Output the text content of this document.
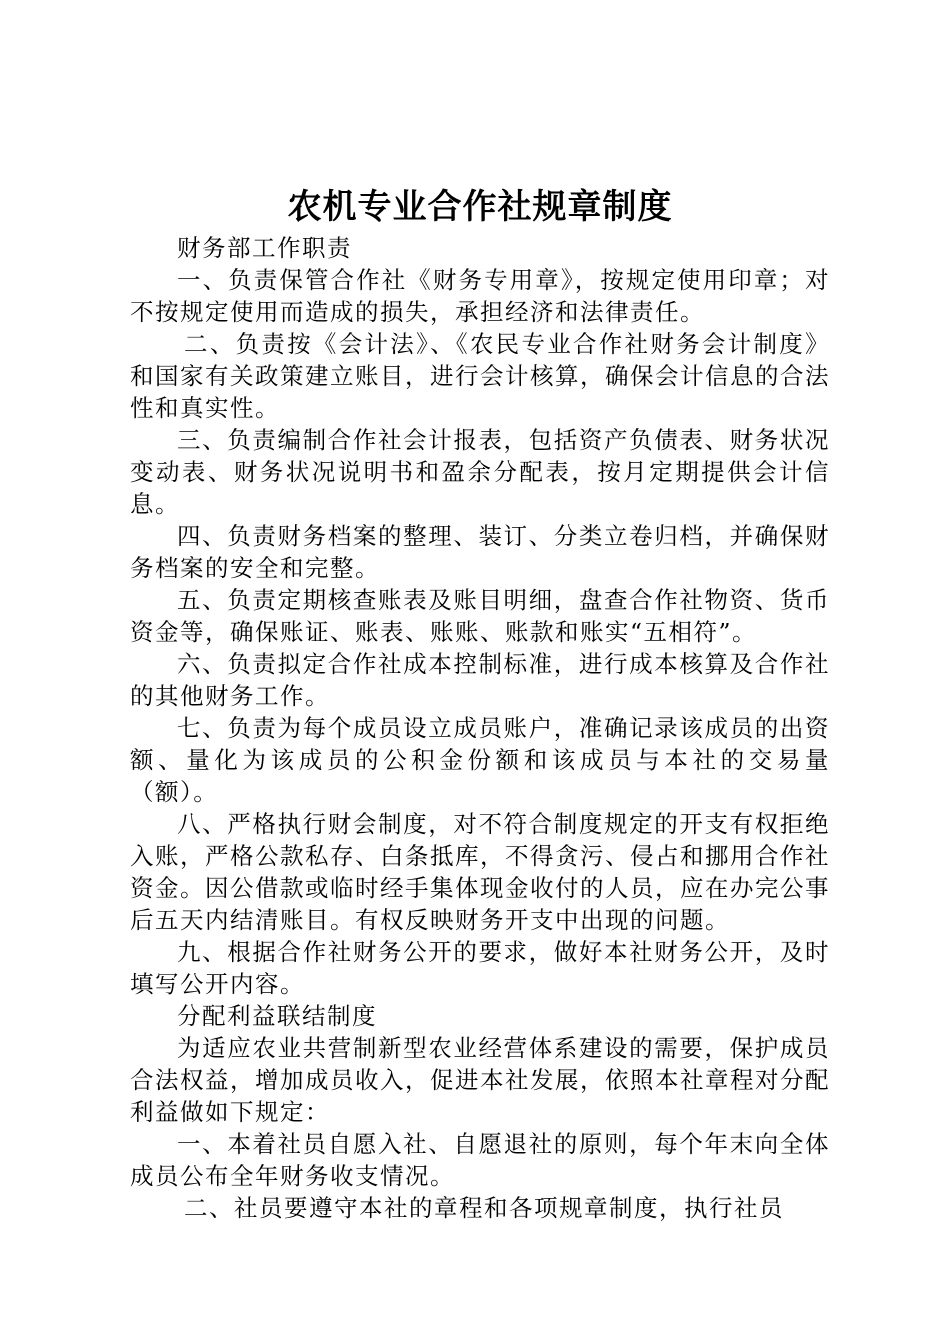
农机专业合作社规章制度

财务部工作职责

一、负责保管合作社《财务专用章》，按规定使用印章；对不按规定使用而造成的损失，承担经济和法律责任。

二、负责按《会计法》、《农民专业合作社财务会计制度》和国家有关政策建立账目，进行会计核算，确保会计信息的合法性和真实性。

三、负责编制合作社会计报表，包括资产负债表、财务状况变动表、财务状况说明书和盈余分配表，按月定期提供会计信息。

四、负责财务档案的整理、装订、分类立卷归档，并确保财务档案的安全和完整。

五、负责定期核查账表及账目明细，盘查合作社物资、货币资金等，确保账证、账表、账账、账款和账实“五相符”。

六、负责拟定合作社成本控制标准，进行成本核算及合作社的其他财务工作。

七、负责为每个成员设立成员账户，准确记录该成员的出资额、量化为该成员的公积金份额和该成员与本社的交易量（额）。

八、严格执行财会制度，对不符合制度规定的开支有权拒绝入账，严格公款私存、白条抵库，不得贪污、侵占和挪用合作社资金。因公借款或临时经手集体现金收付的人员，应在办完公事后五天内结清账目。有权反映财务开支中出现的问题。

九、根据合作社财务公开的要求，做好本社财务公开，及时填写公开内容。

分配利益联结制度

为适应农业共营制新型农业经营体系建设的需要，保护成员合法权益，增加成员收入，促进本社发展，依照本社章程对分配利益做如下规定：

一、本着社员自愿入社、自愿退社的原则，每个年末向全体成员公布全年财务收支情况。

二、社员要遵守本社的章程和各项规章制度，执行社员
